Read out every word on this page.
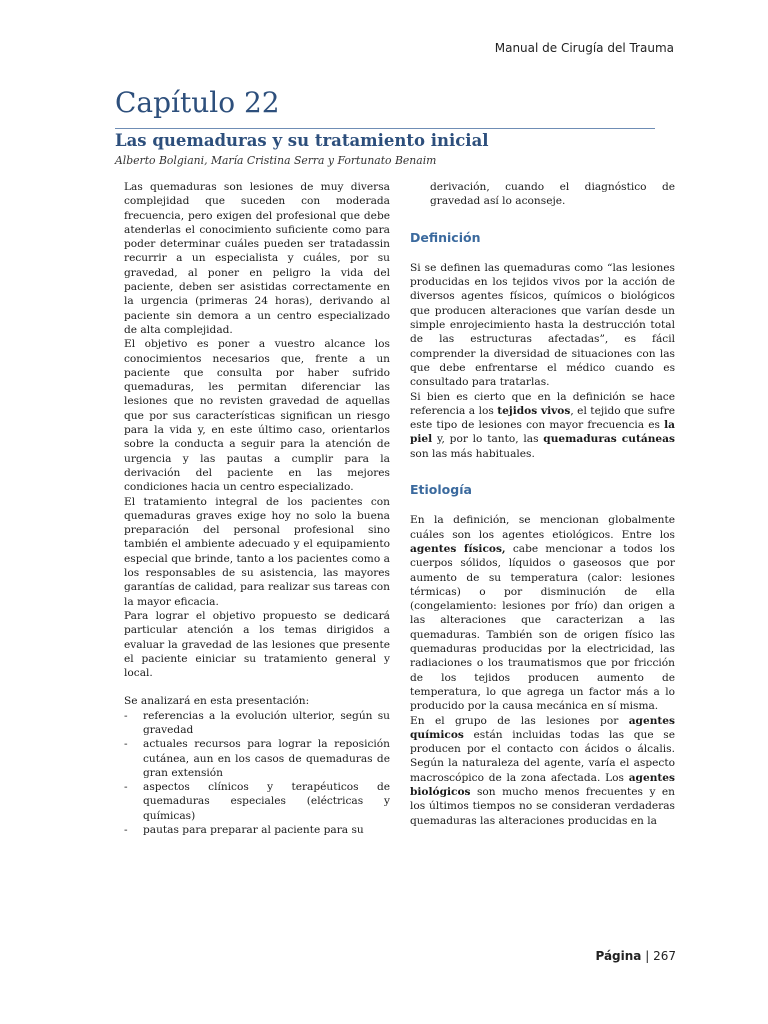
Manual de Cirugía del Trauma
Capítulo 22
Las quemaduras y su tratamiento inicial
Alberto Bolgiani, María Cristina Serra y Fortunato Benaim

Las quemaduras son lesiones de muy diversa complejidad que suceden con moderada frecuencia, pero exigen del profesional que debe atenderlas el conocimiento suficiente como para poder determinar cuáles pueden ser tratadassin recurrir a un especialista y cuáles, por su gravedad, al poner en peligro la vida del paciente, deben ser asistidas correctamente en la urgencia (primeras 24 horas), derivando al paciente sin demora a un centro especializado de alta complejidad.

El objetivo es poner a vuestro alcance los conocimientos necesarios que, frente a un paciente que consulta por haber sufrido quemaduras, les permitan diferenciar las lesiones que no revisten gravedad de aquellas que por sus características significan un riesgo para la vida y, en este último caso, orientarlos sobre la conducta a seguir para la atención de urgencia y las pautas a cumplir para la derivación del paciente en las mejores condiciones hacia un centro especializado.

El tratamiento integral de los pacientes con quemaduras graves exige hoy no solo la buena preparación del personal profesional sino también el ambiente adecuado y el equipamiento especial que brinde, tanto a los pacientes como a los responsables de su asistencia, las mayores garantías de calidad, para realizar sus tareas con la mayor eficacia.

Para lograr el objetivo propuesto se dedicará particular atención a los temas dirigidos a evaluar la gravedad de las lesiones que presente el paciente einiciar su tratamiento general y local.

Se analizará en esta presentación:

- referencias a la evolución ulterior, según su gravedad
- actuales recursos para lograr la reposición cutánea, aun en los casos de quemaduras de gran extensión
- aspectos clínicos y terapéuticos de quemaduras especiales (eléctricas y químicas)
- pautas para preparar al paciente para su

derivación, cuando el diagnóstico de gravedad así lo aconseje.

Definición

Si se definen las quemaduras como “las lesiones producidas en los tejidos vivos por la acción de diversos agentes físicos, químicos o biológicos que producen alteraciones que varían desde un simple enrojecimiento hasta la destrucción total de las estructuras afectadas”, es fácil comprender la diversidad de situaciones con las que debe enfrentarse el médico cuando es consultado para tratarlas.

Si bien es cierto que en la definición se hace referencia a los tejidos vivos, el tejido que sufre este tipo de lesiones con mayor frecuencia es la piel y, por lo tanto, las quemaduras cutáneas son las más habituales.

Etiología

En la definición, se mencionan globalmente cuáles son los agentes etiológicos. Entre los agentes físicos, cabe mencionar a todos los cuerpos sólidos, líquidos o gaseosos que por aumento de su temperatura (calor: lesiones térmicas) o por disminución de ella (congelamiento: lesiones por frío) dan origen a las alteraciones que caracterizan a las quemaduras. También son de origen físico las quemaduras producidas por la electricidad, las radiaciones o los traumatismos que por fricción de los tejidos producen aumento de temperatura, lo que agrega un factor más a lo producido por la causa mecánica en sí misma.

En el grupo de las lesiones por agentes químicos están incluidas todas las que se producen por el contacto con ácidos o álcalis. Según la naturaleza del agente, varía el aspecto macroscópico de la zona afectada. Los agentes biológicos son mucho menos frecuentes y en los últimos tiempos no se consideran verdaderas quemaduras las alteraciones producidas en la

Página | 267
